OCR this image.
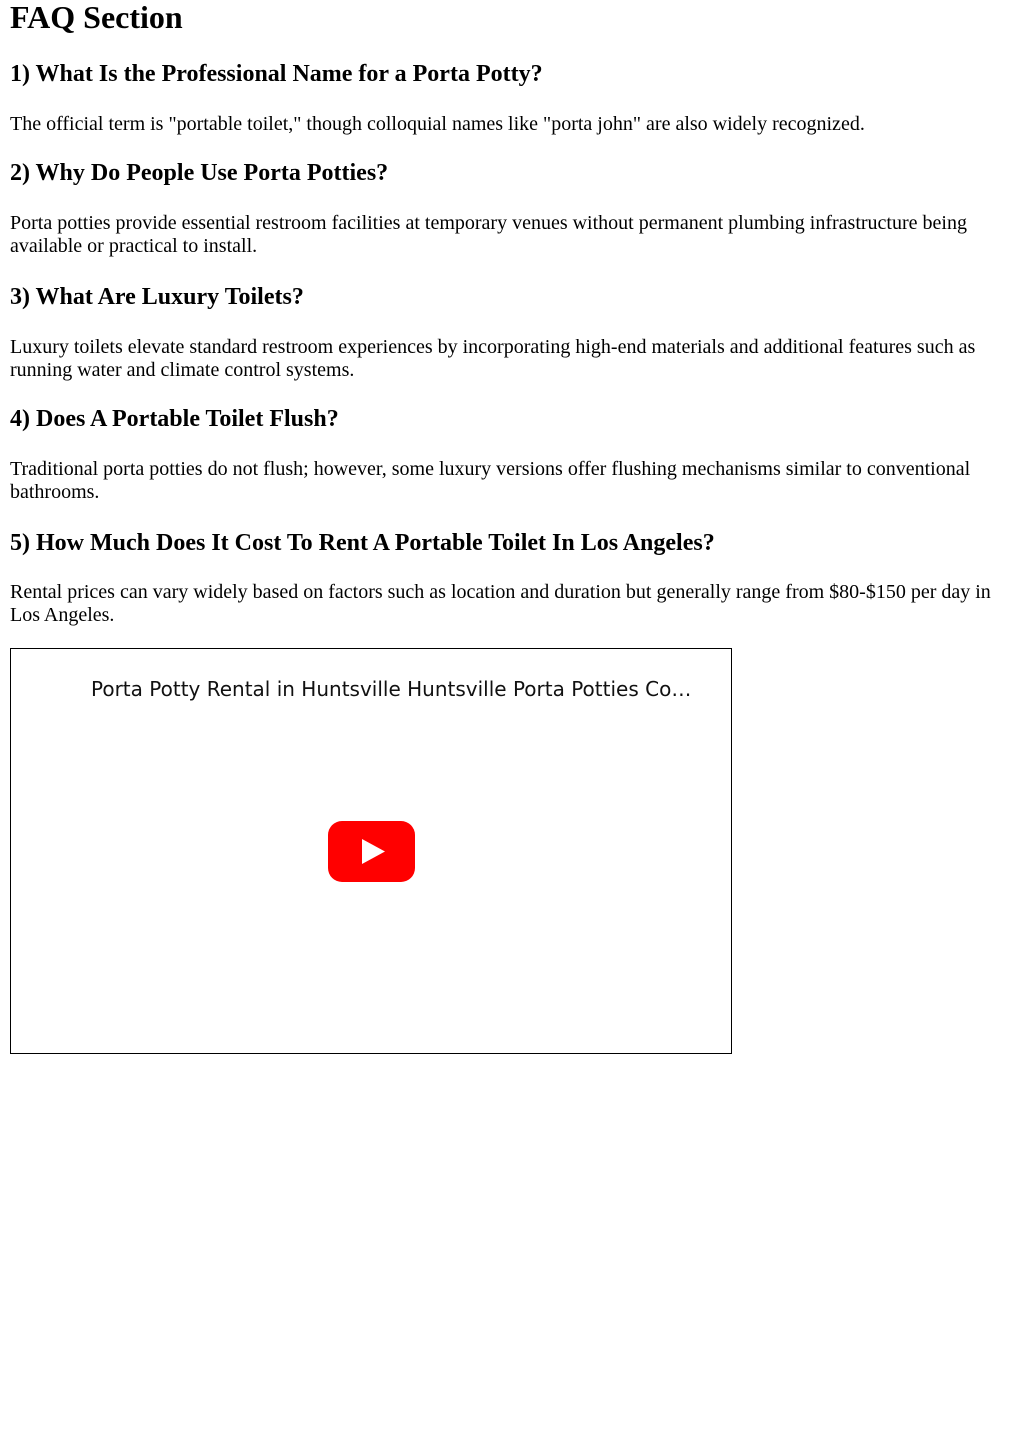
FAQ Section
1) What Is the Professional Name for a Porta Potty?

The official term is "portable toilet," though colloquial names like "porta john" are also widely recognized.

2) Why Do People Use Porta Potties?

Porta potties provide essential restroom facilities at temporary venues without permanent plumbing infrastructure being available or practical to install.

3) What Are Luxury Toilets?

Luxury toilets elevate standard restroom experiences by incorporating high-end materials and additional features such as running water and climate control systems.

4) Does A Portable Toilet Flush?

Traditional porta potties do not flush; however, some luxury versions offer flushing mechanisms similar to conventional bathrooms.

5) How Much Does It Cost To Rent A Portable Toilet In Los Angeles?

Rental prices can vary widely based on factors such as location and duration but generally range from $80-$150 per day in Los Angeles.

Porta Potty Rental in Huntsville Huntsville Porta Potties Co…
